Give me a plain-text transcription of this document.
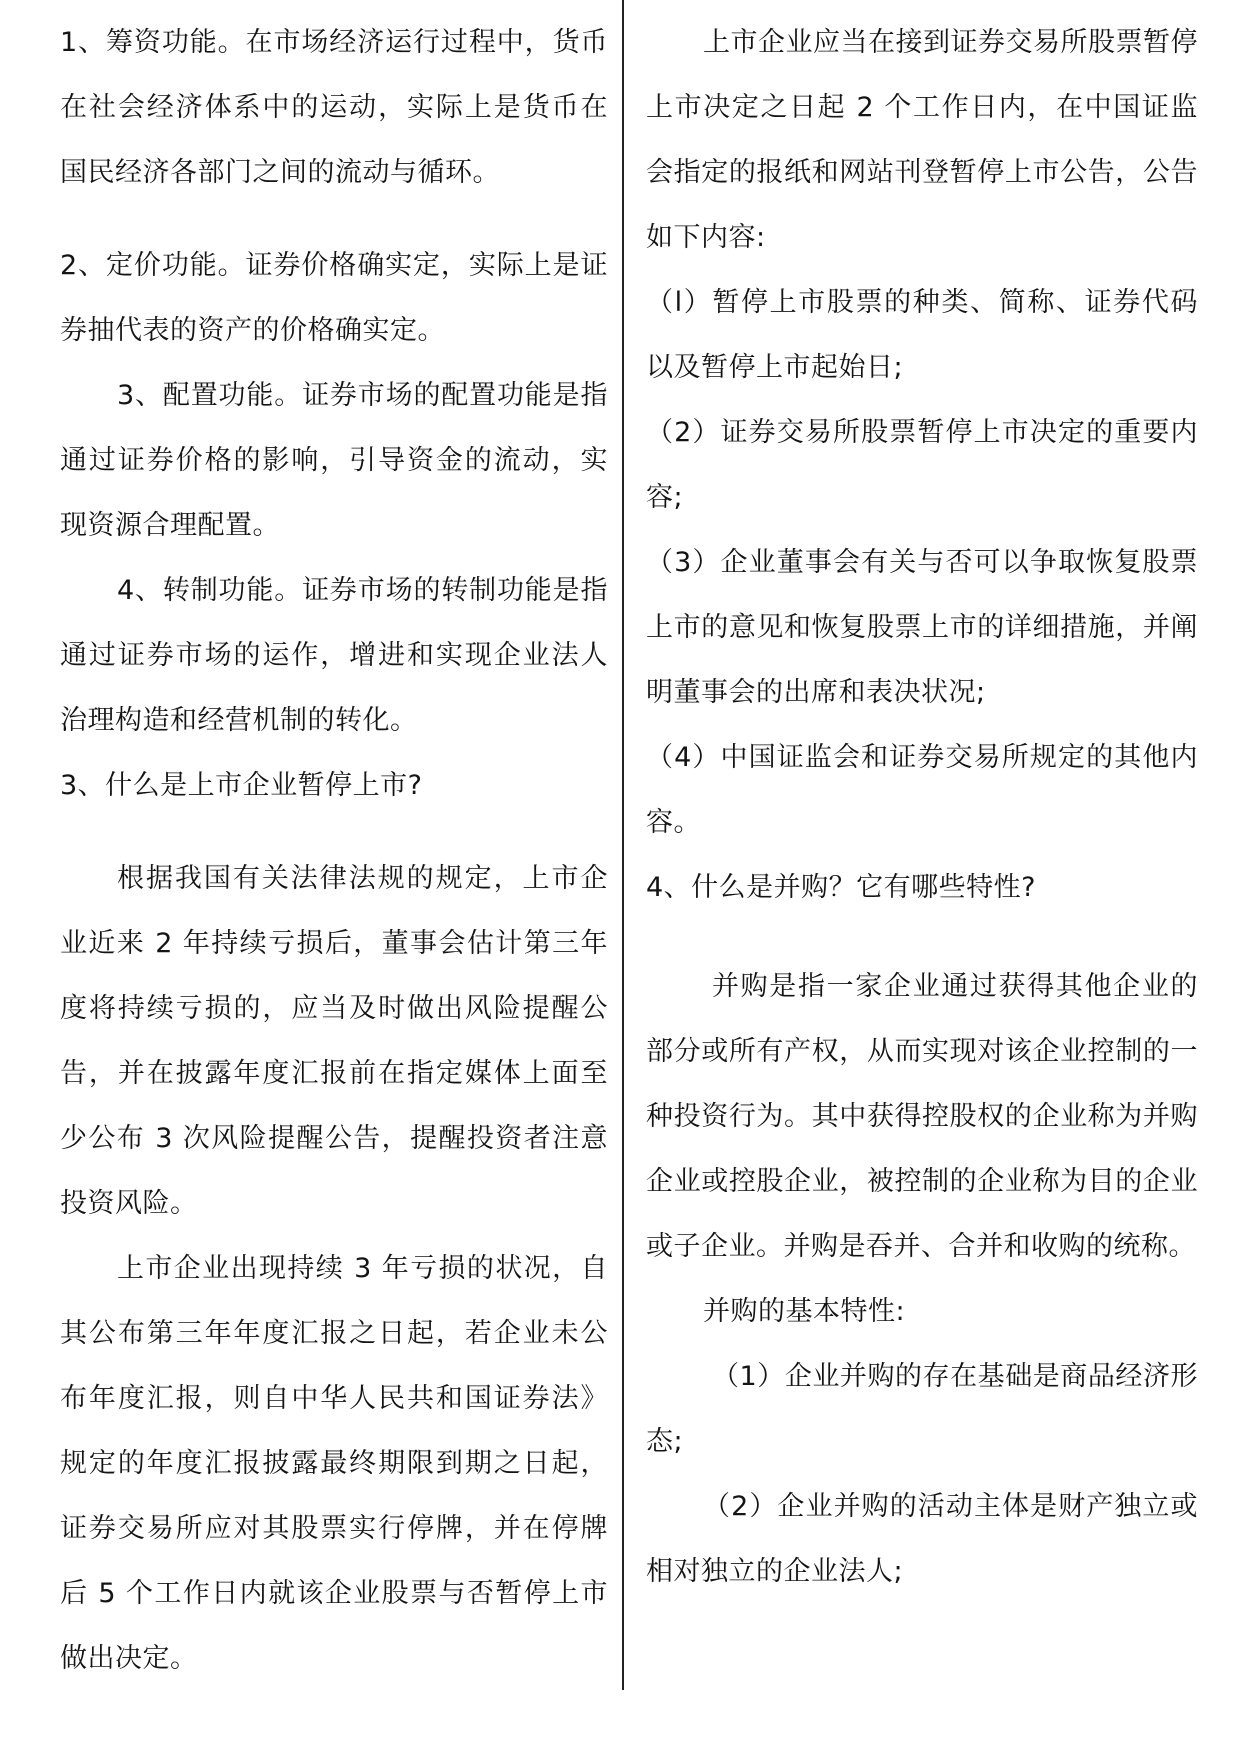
1、筹资功能。在市场经济运行过程中，货币在社会经济体系中的运动，实际上是货币在国民经济各部门之间的流动与循环。

2、定价功能。证券价格确实定，实际上是证券抽代表的资产的价格确实定。

3、配置功能。证券市场的配置功能是指通过证券价格的影响，引导资金的流动，实现资源合理配置。

4、转制功能。证券市场的转制功能是指通过证券市场的运作，增进和实现企业法人治理构造和经营机制的转化。

3、什么是上市企业暂停上市?

根据我国有关法律法规的规定，上市企业近来 2 年持续亏损后，董事会估计第三年度将持续亏损的，应当及时做出风险提醒公告，并在披露年度汇报前在指定媒体上面至少公布 3 次风险提醒公告，提醒投资者注意投资风险。

上市企业出现持续 3 年亏损的状况，自其公布第三年年度汇报之日起，若企业未公布年度汇报，则自中华人民共和国证券法》规定的年度汇报披露最终期限到期之日起，证券交易所应对其股票实行停牌，并在停牌后 5 个工作日内就该企业股票与否暂停上市做出决定。

上市企业应当在接到证券交易所股票暂停上市决定之日起 2 个工作日内，在中国证监会指定的报纸和网站刊登暂停上市公告，公告如下内容:

（l）暂停上市股票的种类、简称、证券代码以及暂停上市起始日;

（2）证券交易所股票暂停上市决定的重要内容;

（3）企业董事会有关与否可以争取恢复股票上市的意见和恢复股票上市的详细措施，并阐明董事会的出席和表决状况;

（4）中国证监会和证券交易所规定的其他内容。

4、什么是并购？它有哪些特性?

并购是指一家企业通过获得其他企业的部分或所有产权，从而实现对该企业控制的一种投资行为。其中获得控股权的企业称为并购企业或控股企业，被控制的企业称为目的企业或子企业。并购是吞并、合并和收购的统称。

并购的基本特性:

（1）企业并购的存在基础是商品经济形态;

（2）企业并购的活动主体是财产独立或相对独立的企业法人;
